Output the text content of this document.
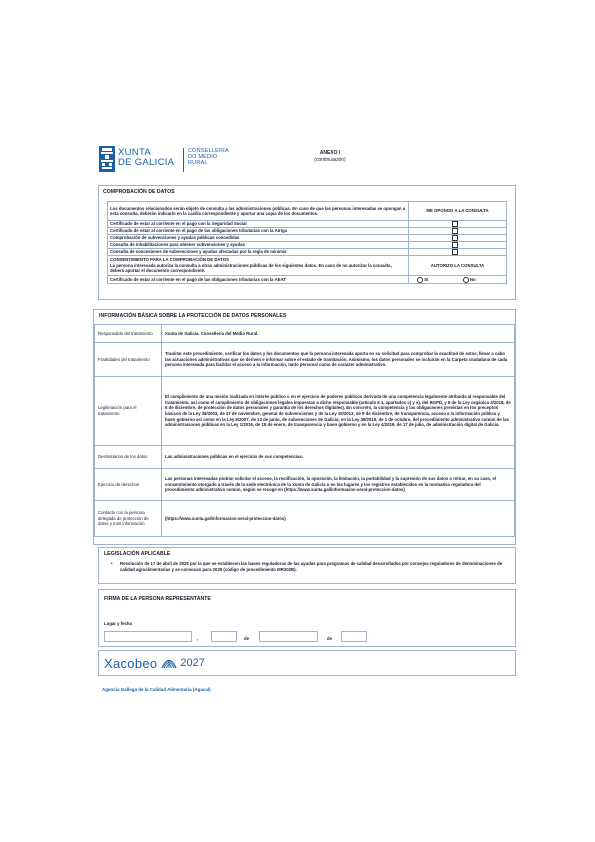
XUNTA
DE GALICIA
CONSELLERÍA
DO MEDIO
RURAL
ANEXO I
(continuación)
COMPROBACIÓN DE DATOS
Los documentos relacionados serán objeto de consulta a las administraciones públicas. En caso de que las personas interesadas se opongan a esta consulta, deberán indicarlo en la casilla correspondiente y aportar una copia de los documentos.	ME OPONGO A LA CONSULTA
Certificado de estar al corriente en el pago con la Seguridad Social	
Certificado de estar al corriente en el pago de las obligaciones tributarias con la Atriga	
Comprobación de subvenciones y ayudas públicas concedidas	
Consulta de inhabilitaciones para obtener subvenciones y ayudas	
Consulta de concesiones de subvenciones y ayudas afectadas por la regla de minimis	

CONSENTIMIENTO PARA LA COMPROBACIÓN DE DATOS
La persona interesada autoriza la consulta a otras administraciones públicas de los siguientes datos. En caso de no autorizar la consulta, deberá aportar el documento correspondiente.	AUTORIZO LA CONSULTA
Certificado de estar al corriente en el pago de las obligaciones tributarias con la AEAT	Sí No
INFORMACIÓN BÁSICA SOBRE LA PROTECCIÓN DE DATOS PERSONALES
Responsable del tratamiento	Xunta de Galicia. Consellería del Medio Rural.
Finalidades del tratamiento	Tramitar este procedimiento, verificar los datos y los documentos que la persona interesada aporta en su solicitud para comprobar la exactitud de estos, llevar a cabo las actuaciones administrativas que se deriven e informar sobre el estado de tramitación. Asimismo, los datos personales se incluirán en la Carpeta ciudadana de cada persona interesada para facilitar el acceso a la información, tanto personal como de carácter administrativo.
Legitimación para el tratamiento	El cumplimiento de una misión realizada en interés público o en el ejercicio de poderes públicos derivada de una competencia legalmente atribuida al responsable del tratamiento, así como el cumplimiento de obligaciones legales impuestas a dicho responsable (artículo 6.1, apartados c) y e), del RGPD, y 8 de la Ley orgánica 3/2018, de 5 de diciembre, de protección de datos personales y garantía de los derechos digitales). En concreto, la competencia y las obligaciones previstas en los preceptos básicos de la Ley 38/2003, de 17 de noviembre, general de subvenciones y de la Ley 19/2013, de 9 de diciembre, de transparencia, acceso a la información pública y buen gobierno así como en la Ley 9/2007, de 13 de junio, de subvenciones de Galicia; en la Ley 39/2015, de 1 de octubre, del procedimiento administrativo común de las administraciones públicas en la Ley 1/2016, de 18 de enero, de transparencia y buen gobierno y en la Ley 4/2019, de 17 de julio, de administración digital de Galicia.
Destinatarios de los datos	Las administraciones públicas en el ejercicio de sus competencias.
Ejercicio de derechos	Las personas interesadas podrán solicitar el acceso, la rectificación, la oposición, la limitación, la portabilidad y la supresión de sus datos o retirar, en su caso, el consentimiento otorgado a través de la sede electrónica de la Xunta de Galicia o en los lugares y los registros establecidos en la normativa reguladora del procedimiento administrativo común, según se recoge en (https://www.xunta.gal/informacion-xeral-proteccion-datos)
Contacto con la persona delegada de protección de datos y más información	(https://www.xunta.gal/informacion-xeral-proteccion-datos)
LEGISLACIÓN APLICABLE
• Resolución de 17 de abril de 2025 por la que se establecen las bases reguladoras de las ayudas para programas de calidad desarrollados por consejos reguladores de denominaciones de calidad agroalimentarias y se convocan para 2025 (código de procedimiento MR302B).
FIRMA DE LA PERSONA REPRESENTANTE
Lugar y fecha
,	de	de
Xacobeo 2027
Agencia Gallega de la Calidad Alimentaria (Agacal)
